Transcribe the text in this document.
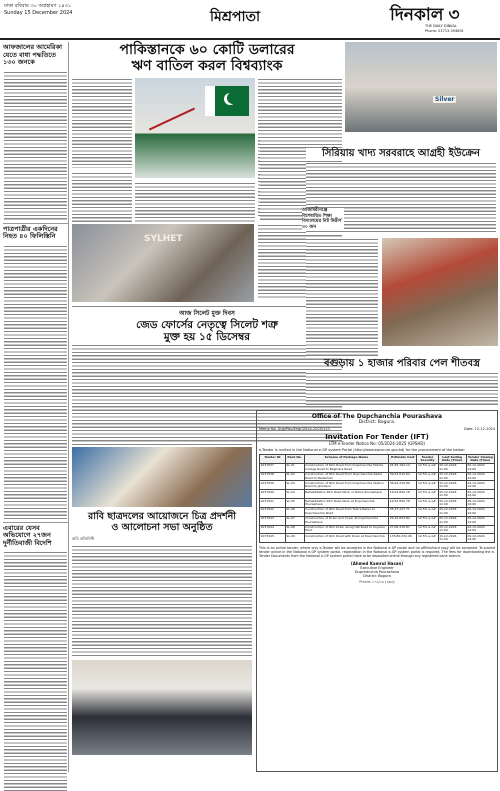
ঢাকা রবিবার ৩০ অগ্রহায়ণ ১৪৩১
Sunday 15 December 2024	মিশ্রপাতা	দিনকাল ৩
THE DAILY DINKAL
Phone: 01713-394891
আফজালের আমেরিকা যেতে বাধা পদ্ধতিতে ১৩০ জনকে
পাত্রপাত্রীর একদিনের নিহত ৪০ ফিলিস্তিনি
এবারের যেসব অভিযোগে ২৭জন দুর্নীতিবাজী বিদেশি
পাকিস্তানকে ৬০ কোটি ডলারের
ঋণ বাতিল করল বিশ্বব্যাংক
SYLHET
আজ সিলেট মুক্ত দিবস
জেড ফোর্সের নেতৃত্বে সিলেট শত্রু
মুক্ত হয় ১৫ ডিসেম্বর
Silver
সিরিয়ায় খাদ্য সরবরাহে আগ্রহী ইউক্রেন
আজমিরীগঞ্জে বিশেষায়িত শিক্ষা বিদ্যালয়ের নিট উত্তীর্ণ ৩০ জন
বগুড়ায় ১ হাজার পরিবার পেল শীতবস্ত্র
Office of The Dupchanchia Pourashava
District: Bogura.
Memo No. Dup/Pou/Engr/2024-2025/123	Date: 12-12-2024
Invitation For Tender (IFT)
LTM e-Tender Notice No: 05/2024-2025 (GPSHD)
e-Tender is invited in the National e-GP system Portal (http://www.eprocure.gov.bd) for the procurement of the below:
Tender ID	Pack No.	Scheme of Package Name	Estimate Cost	Tender Security	Last Selling Date (Time)	Tender Closing Date (Time)
1037937	SL-01	Construction of RCC Road from Dupchanchia Mohila College Road to Bagmara Road	24,55,162.14	12.5% e-GP	15-12-2024 11:00	29-12-2024 14:00
1037938	SL-02	Construction of RCC Road From Dupchanchia Sadar Road to Nadanbari	39,53,610.64	12.5% e-GP	15-12-2024 11:00	29-12-2024 14:00
1037939	SL-03	Construction of RCC Road from Dupchanchia Station Road to Jamalpur	36,93,210.89	12.5% e-GP	15-12-2024 11:00	29-12-2024 14:00
1037940	SL-04	Rehabilitation RCC Road Work in Talora Pourashava	19,52,840.78	12.5% e-GP	15-12-2024 11:00	29-12-2024 14:00
1037941	SL-05	Rehabilitation RCC Road Work at Dupchanchia Pourashava	19,52,840.78	12.5% e-GP	15-12-2024 11:00	29-12-2024 14:00
1037942	SL-06	Construction of RCC Road from Talora Bazar to Dupchanchia Road	35,37,227.71	12.5% e-GP	15-12-2024 11:00	29-12-2024 14:00
1037943	SL-07	Construction of Drain and Cover at Dupchanchia Pourashava	29,32,833.84	12.5% e-GP	15-12-2024 11:00	29-12-2024 14:00
1037944	SL-08	Construction of RCC Drain along Hat Road to Koysher Moor	27,06,339.87	12.5% e-GP	15-12-2024 11:00	29-12-2024 14:00
1037945	SL-09	Construction of RCC Road with Drain at Dupchanchia	135,89,232.46	12.5% e-GP	15-12-2024 11:00	29-12-2024 14:00
This is an online tender, where only e-Tender will be accepted in the National e-GP portal and no offline/hard copy will be accepted. To submit tender online in the National e-GP system portal, registration in the National e-GP system portal is required. The fees for downloading the e-Tender Documents from the National e-GP system portal have to be deposited online through any registered bank branch.
(Ahmed Kamrul Hasan)
Executive Engineer
Dupchanchia Pourashava
District: Bogura
দিনকাল-১০৫/২৪ (৪x৫)
রাবি ছাত্রদলের আয়োজনে চিত্র প্রদর্শনী
ও আলোচনা সভা অনুষ্ঠিত
রাবি প্রতিনিধি
